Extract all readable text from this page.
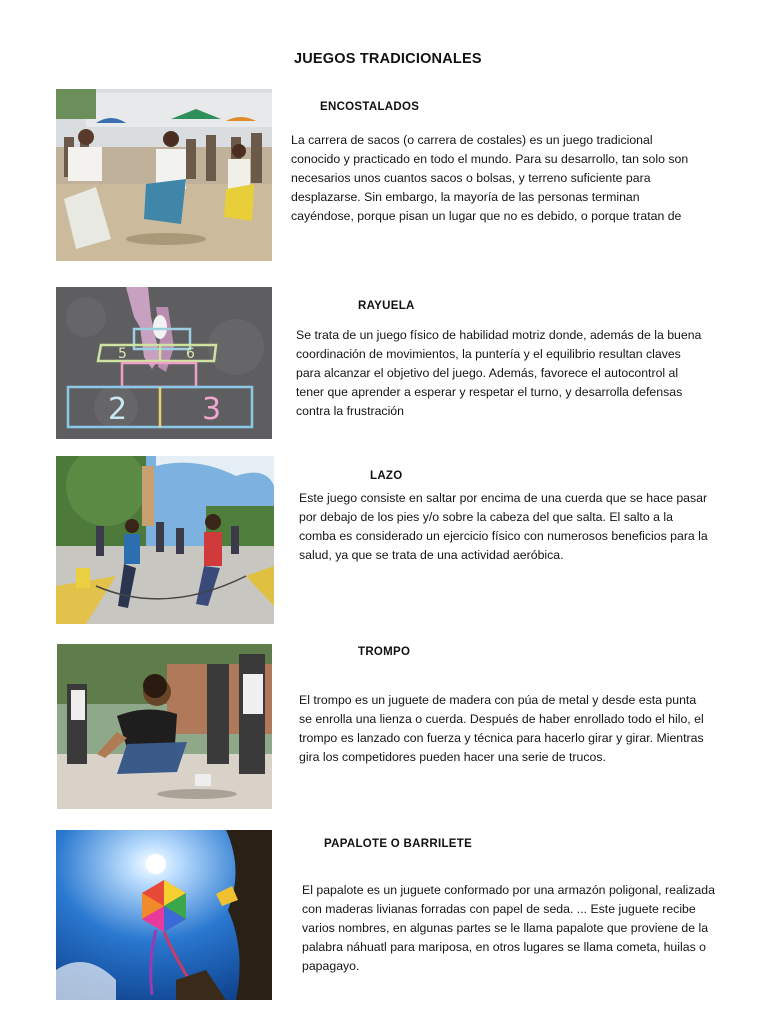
JUEGOS TRADICIONALES
ENCOSTALADOS
La carrera de sacos (o carrera de costales) es un juego tradicional conocido y practicado en todo el mundo. Para su desarrollo, tan solo son necesarios unos cuantos sacos o bolsas, y terreno suficiente para desplazarse. Sin embargo, la mayoría de las personas terminan cayéndose, porque pisan un lugar que no es debido, o porque tratan de
2 3
5	6
RAYUELA
Se trata de un juego físico de habilidad motriz donde, además de la buena coordinación de movimientos, la puntería y el equilibrio resultan claves para alcanzar el objetivo del juego. Además, favorece el autocontrol al tener que aprender a esperar y respetar el turno, y desarrolla defensas contra la frustración
LAZO
Este juego consiste en saltar por encima de una cuerda que se hace pasar por debajo de los pies y/o sobre la cabeza del que salta. El salto a la comba es considerado un ejercicio físico con numerosos beneficios para la salud, ya que se trata de una actividad aeróbica.
TROMPO
El trompo es un juguete de madera con púa de metal y desde esta punta se enrolla una lienza o cuerda. Después de haber enrollado todo el hilo, el trompo es lanzado con fuerza y técnica para hacerlo girar y girar. Mientras gira los competidores pueden hacer una serie de trucos.
PAPALOTE O BARRILETE
El papalote es un juguete conformado por una armazón poligonal, realizada con maderas livianas forradas con papel de seda. ... Este juguete recibe varios nombres, en algunas partes se le llama papalote que proviene de la palabra náhuatl para mariposa, en otros lugares se llama cometa, huilas o papagayo.
